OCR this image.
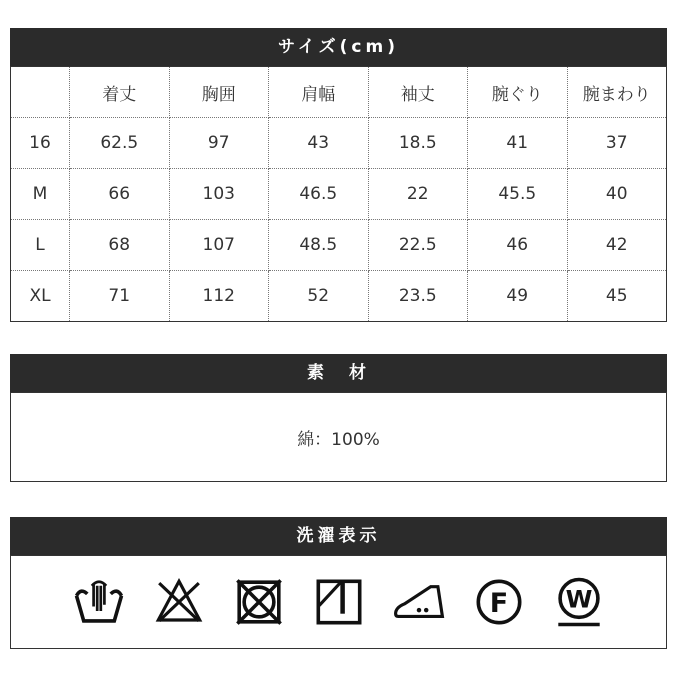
サイズ(cm)
	着丈	胸囲	肩幅	袖丈	腕ぐり	腕まわり
16	62.5	97	43	18.5	41	37
M	66	103	46.5	22	45.5	40
L	68	107	48.5	22.5	46	42
XL	71	112	52	23.5	49	45
素　材
綿：100%
洗濯表示
F W
